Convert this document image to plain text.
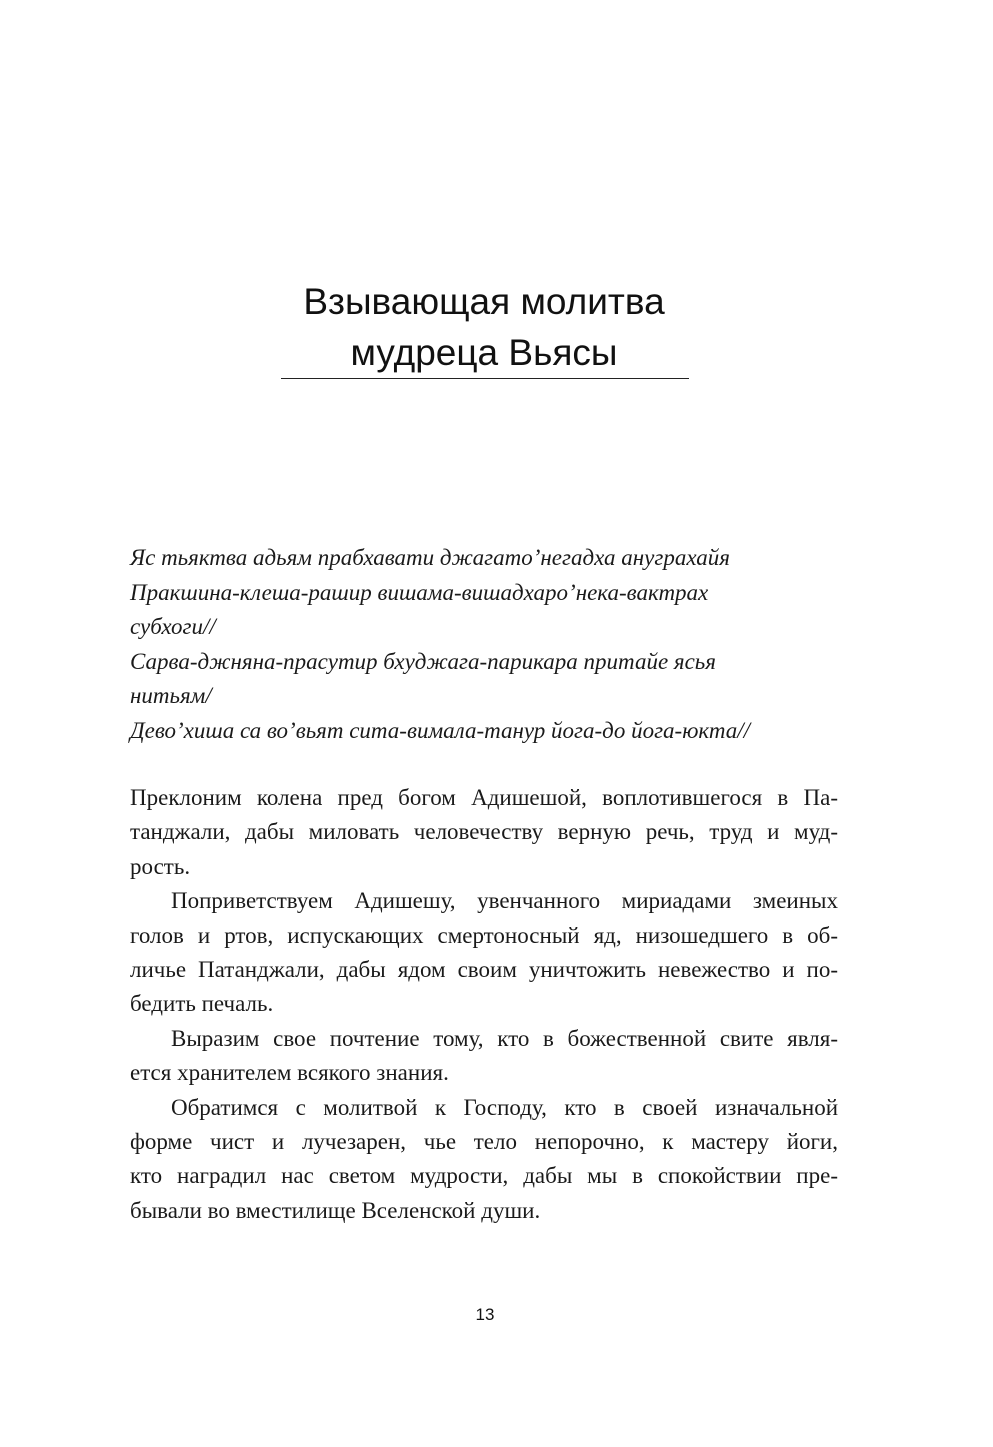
Взывающая молитва
мудреца Вьясы
Яс тьяктва адьям прабхавати джагато’негадха ануграхайя
Пракшина-клеша-рашир вишама-вишадхаро’нека-вактрах
субхоги//
Сарва-джняна-прасутир бхуджага-парикара притайе ясья
нитьям/
Дево’хиша са во’вьят сита-вимала-танур йога-до йога-юкта//
Преклоним колена пред богом Адишешой, воплотившегося в Па-
танджали, дабы миловать человечеству верную речь, труд и муд-
рость.
Поприветствуем Адишешу, увенчанного мириадами змеиных
голов и ртов, испускающих смертоносный яд, низошедшего в об-
личье Патанджали, дабы ядом своим уничтожить невежество и по-
бедить печаль.
Выразим свое почтение тому, кто в божественной свите явля-
ется хранителем всякого знания.
Обратимся с молитвой к Господу, кто в своей изначальной
форме чист и лучезарен, чье тело непорочно, к мастеру йоги,
кто наградил нас светом мудрости, дабы мы в спокойствии пре-
бывали во вместилище Вселенской души.
13
